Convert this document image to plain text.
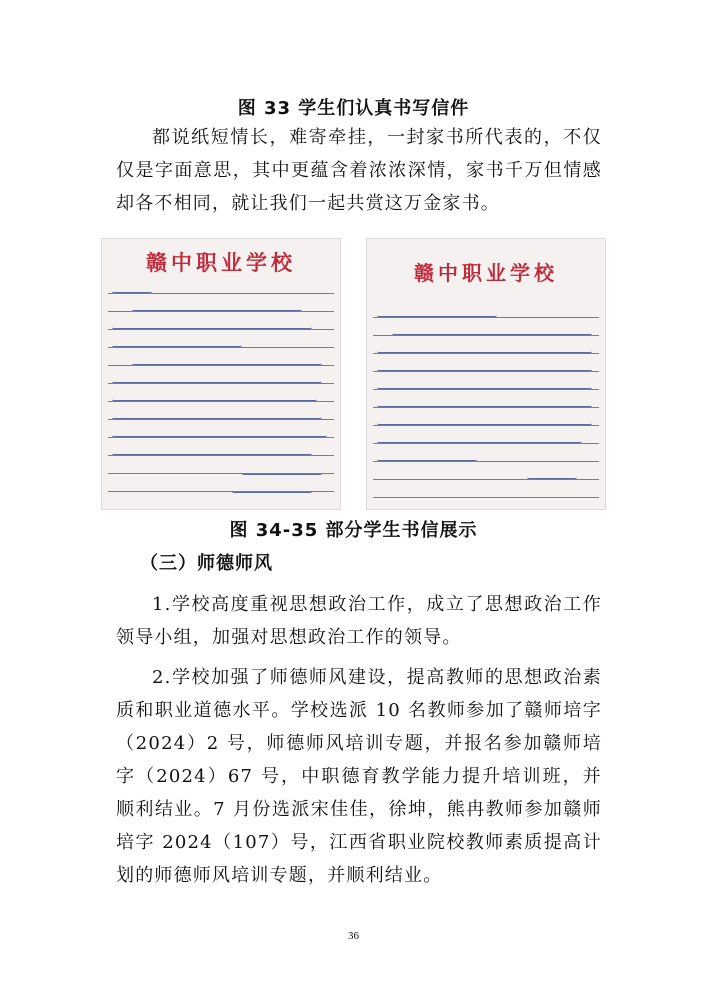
图 33 学生们认真书写信件

都说纸短情长，难寄牵挂，一封家书所代表的，不仅仅是字面意思，其中更蕴含着浓浓深情，家书千万但情感却各不相同，就让我们一起共赏这万金家书。

赣中职业学校	赣中职业学校
图 34-35 部分学生书信展示
（三）师德师风

1.学校高度重视思想政治工作，成立了思想政治工作领导小组，加强对思想政治工作的领导。

2.学校加强了师德师风建设，提高教师的思想政治素质和职业道德水平。学校选派 10 名教师参加了赣师培字（2024）2 号，师德师风培训专题，并报名参加赣师培字（2024）67 号，中职德育教学能力提升培训班，并顺利结业。7 月份选派宋佳佳，徐坤，熊冉教师参加赣师培字 2024（107）号，江西省职业院校教师素质提高计划的师德师风培训专题，并顺利结业。

36
